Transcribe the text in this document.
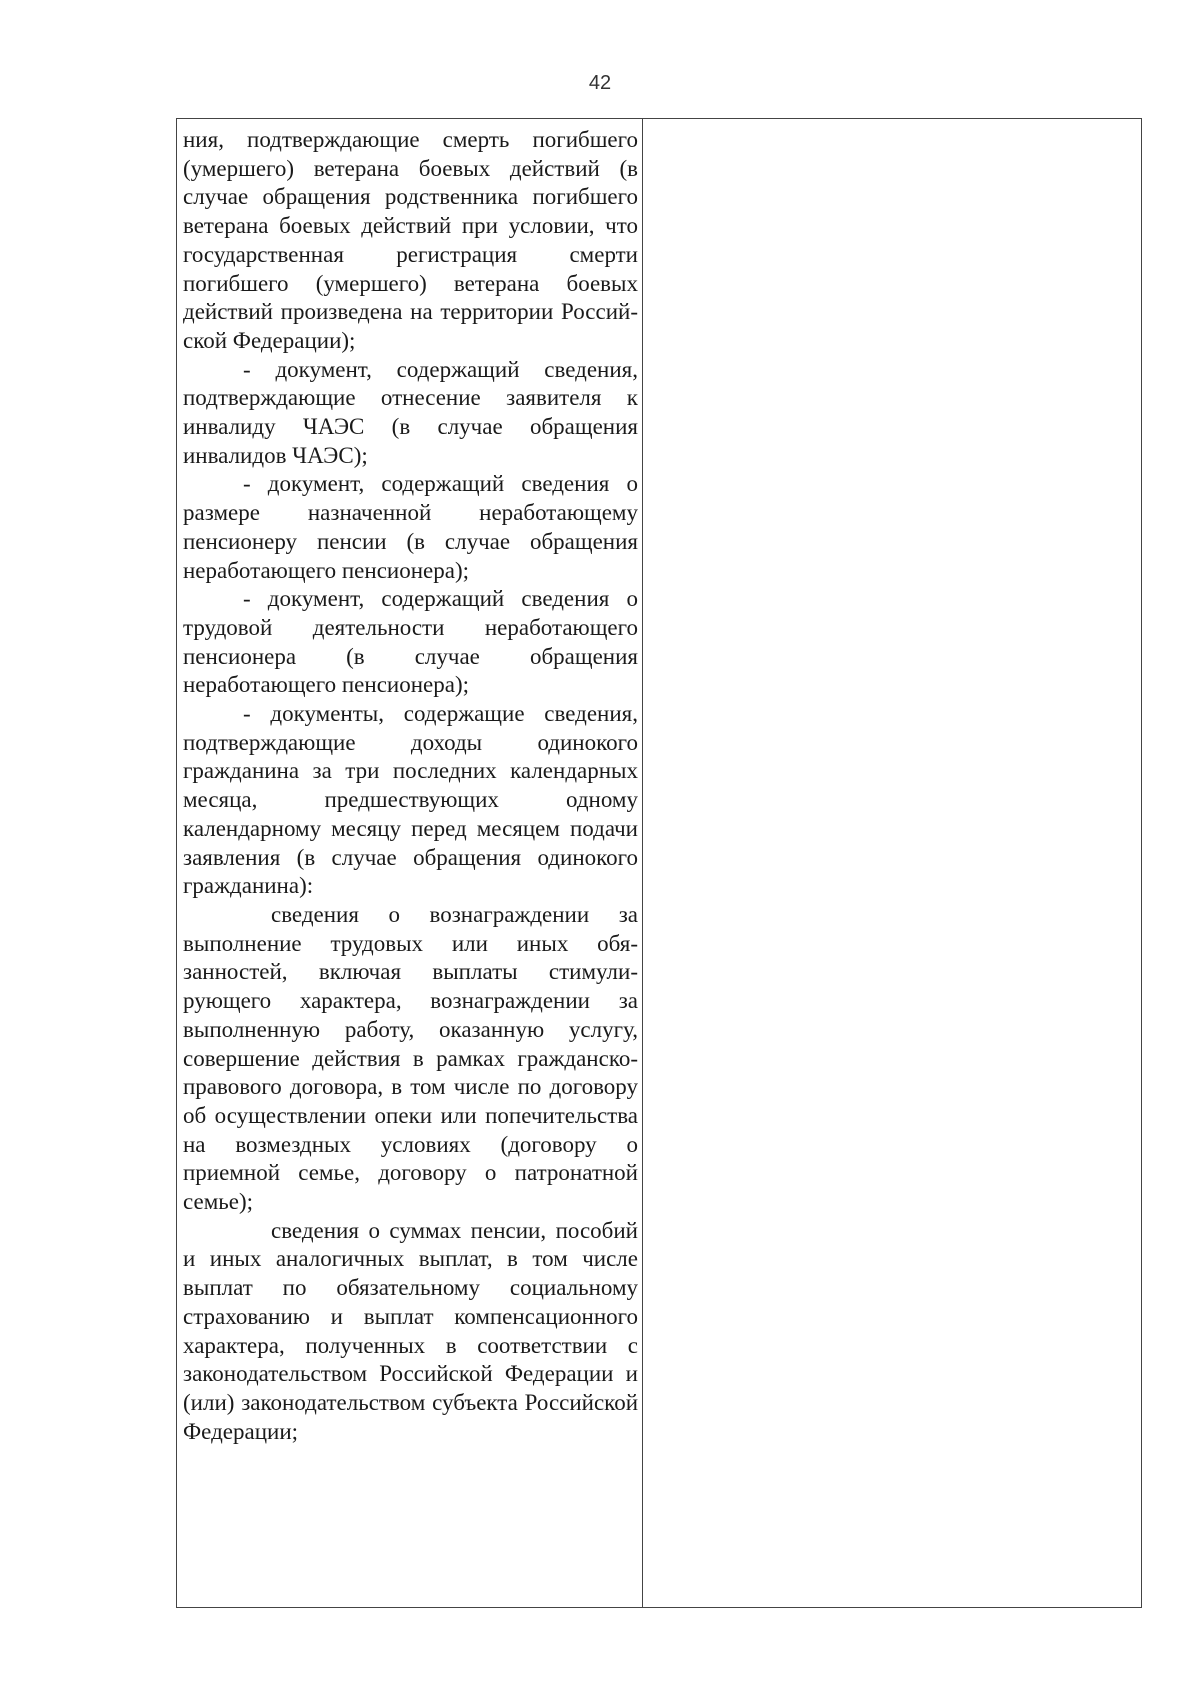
42

ния, подтверждающие смерть погибшего (умершего) ветерана боевых действий (в случае обращения родственника погибшего ветерана боевых действий при условии, что государственная регистрация смерти погибшего (умершего) ветерана боевых действий произведена на территории Российской Федерации);

- документ, содержащий сведения, подтверждающие отнесение заявителя к инвалиду ЧАЭС (в случае обращения инвалидов ЧАЭС);

- документ, содержащий сведения о размере назначенной неработающему пенсионеру пенсии (в случае обращения неработающего пенсионера);

- документ, содержащий сведения о трудовой деятельности неработающего пенсионера (в случае обращения неработающего пенсионера);

- документы, содержащие сведения, подтверждающие доходы одинокого гражданина за три последних календарных месяца, предшествующих одному календарному месяцу перед месяцем подачи заявления (в случае обращения одинокого гражданина):

сведения о вознаграждении за выполнение трудовых или иных обязанностей, включая выплаты стимулирующего характера, вознаграждении за выполненную работу, оказанную услугу, совершение действия в рамках гражданско-правового договора, в том числе по договору об осуществлении опеки или попечительства на возмездных условиях (договору о приемной семье, договору о патронатной семье);

сведения о суммах пенсии, пособий и иных аналогичных выплат, в том числе выплат по обязательному социальному страхованию и выплат компенсационного характера, полученных в соответствии с законодательством Российской Федерации и (или) законодательством субъекта Российской Федерации;
